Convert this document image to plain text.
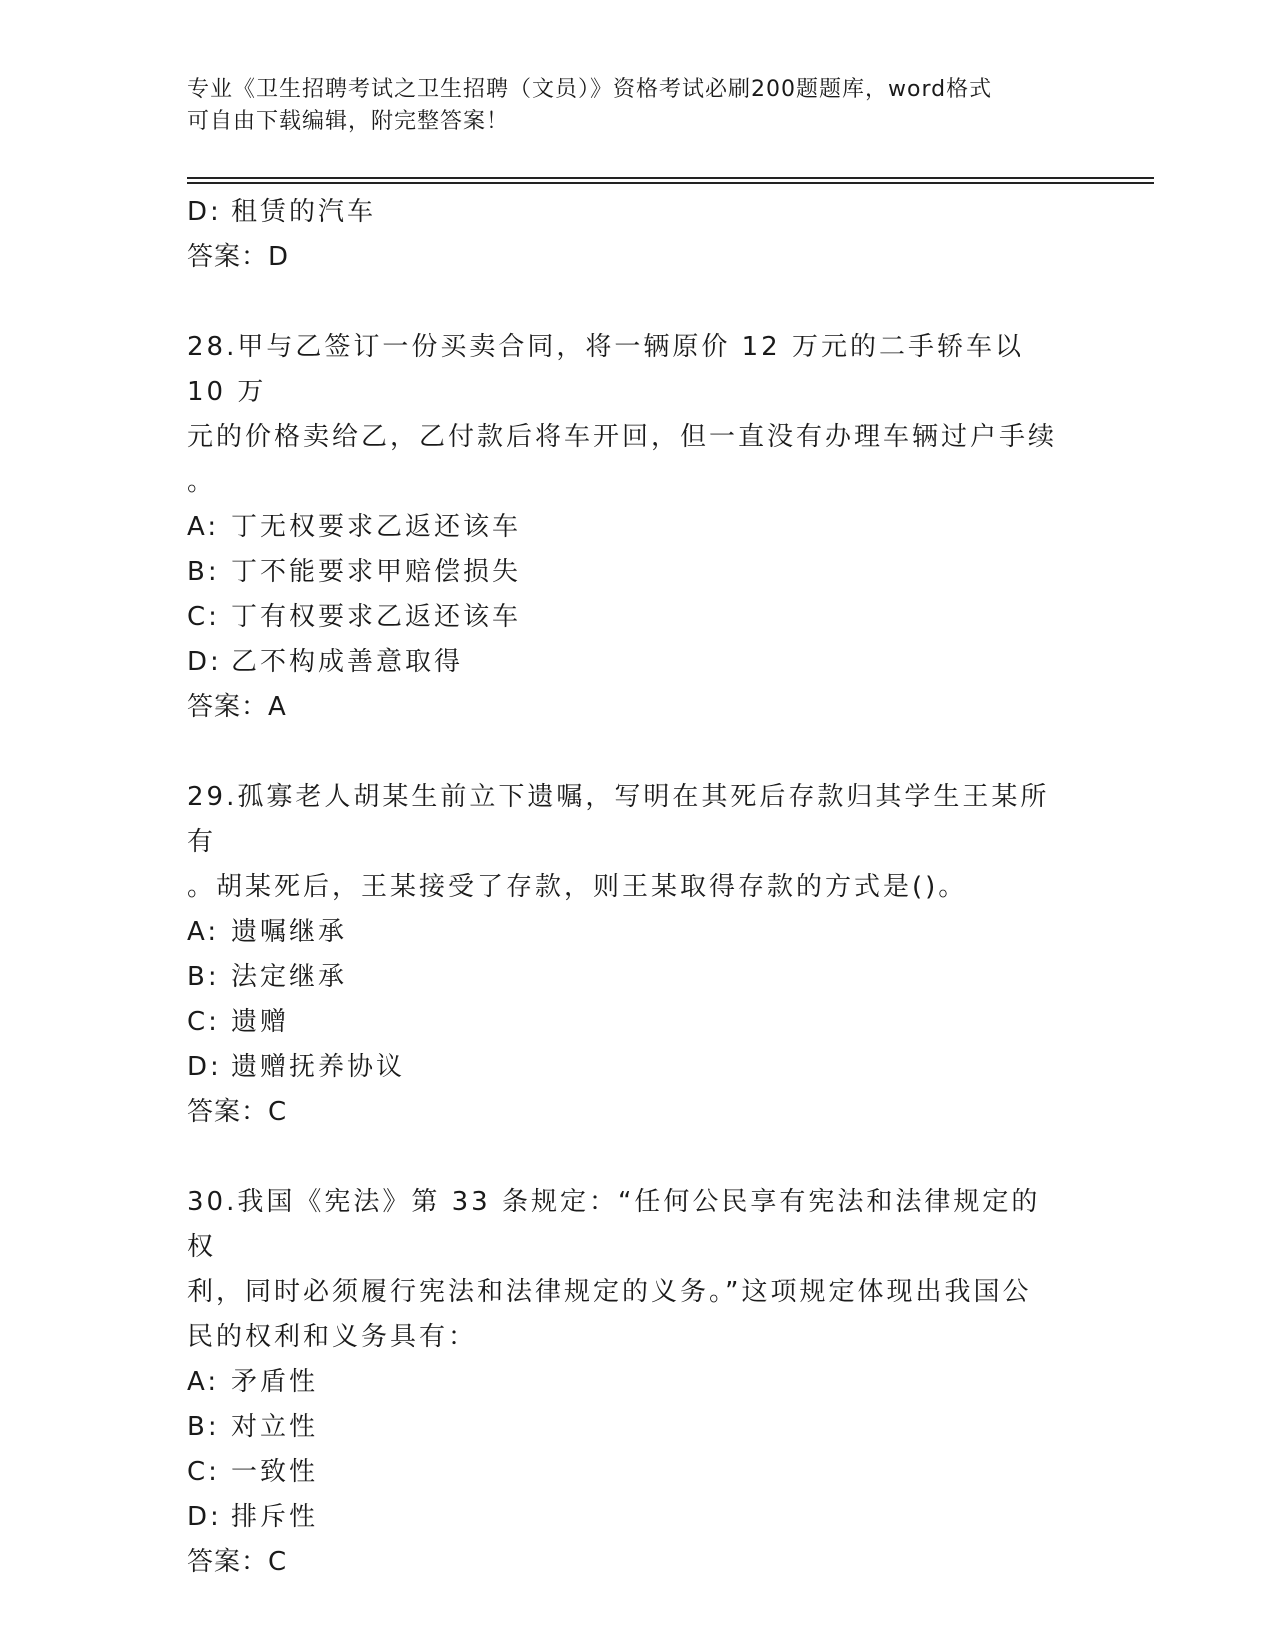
专业《卫生招聘考试之卫生招聘（文员）》资格考试必刷200题题库，word格式
可自由下载编辑，附完整答案！
D: 租赁的汽车
答案：D
28.甲与乙签订一份买卖合同，将一辆原价 12 万元的二手轿车以 10 万
元的价格卖给乙，乙付款后将车开回，但一直没有办理车辆过户手续
。
A: 丁无权要求乙返还该车
B: 丁不能要求甲赔偿损失
C: 丁有权要求乙返还该车
D: 乙不构成善意取得
答案：A
29.孤寡老人胡某生前立下遗嘱，写明在其死后存款归其学生王某所有
。胡某死后，王某接受了存款，则王某取得存款的方式是()。
A: 遗嘱继承
B: 法定继承
C: 遗赠
D: 遗赠抚养协议
答案：C
30.我国《宪法》第 33 条规定：“任何公民享有宪法和法律规定的权
利，同时必须履行宪法和法律规定的义务。”这项规定体现出我国公
民的权利和义务具有：
A: 矛盾性
B: 对立性
C: 一致性
D: 排斥性
答案：C
